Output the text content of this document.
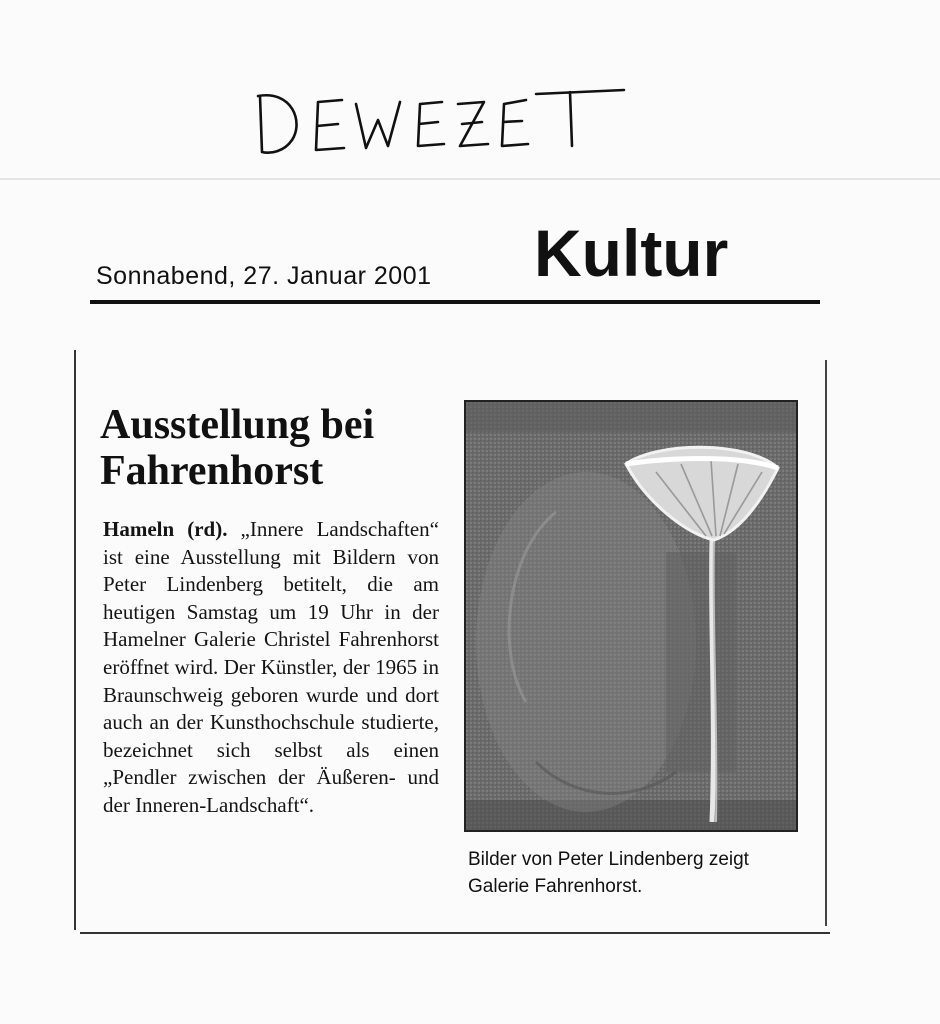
Sonnabend, 27. Januar 2001 Kultur
Ausstellung bei Fahrenhorst

Hameln (rd). „Innere Landschaften“ ist eine Ausstellung mit Bildern von Peter Lindenberg betitelt, die am heutigen Samstag um 19 Uhr in der Hamelner Galerie Christel Fahrenhorst eröffnet wird. Der Künstler, der 1965 in Braunschweig geboren wurde und dort auch an der Kunsthochschule studierte, bezeichnet sich selbst als einen „Pendler zwischen der Äußeren- und der Inneren-Landschaft“.

Bilder von Peter Lindenberg zeigt Galerie Fahrenhorst.
